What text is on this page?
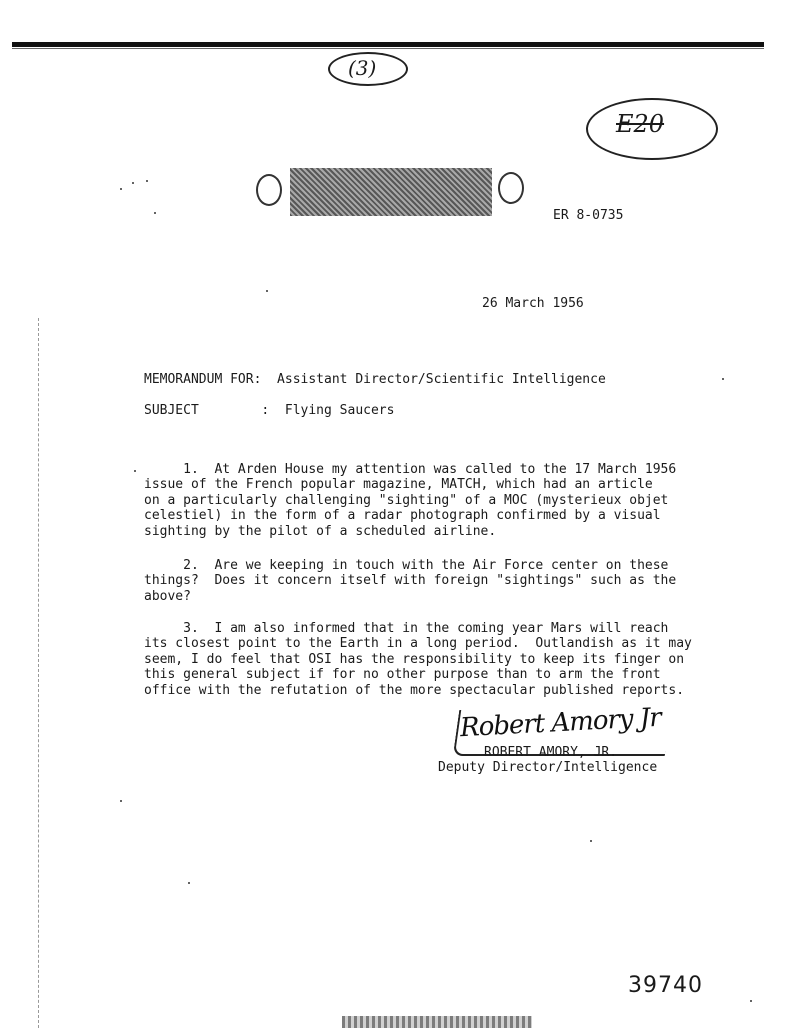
(3)
E20
ER 8-0735
26 March 1956
MEMORANDUM FOR:  Assistant Director/Scientific Intelligence
SUBJECT        :  Flying Saucers
1.  At Arden House my attention was called to the 17 March 1956
issue of the French popular magazine, MATCH, which had an article
on a particularly challenging "sighting" of a MOC (mysterieux objet
celestiel) in the form of a radar photograph confirmed by a visual
sighting by the pilot of a scheduled airline.
2.  Are we keeping in touch with the Air Force center on these
things?  Does it concern itself with foreign "sightings" such as the
above?
3.  I am also informed that in the coming year Mars will reach
its closest point to the Earth in a long period.  Outlandish as it may
seem, I do feel that OSI has the responsibility to keep its finger on
this general subject if for no other purpose than to arm the front
office with the refutation of the more spectacular published reports.
Robert Amory Jr
ROBERT AMORY, JR.
Deputy Director/Intelligence
39740
